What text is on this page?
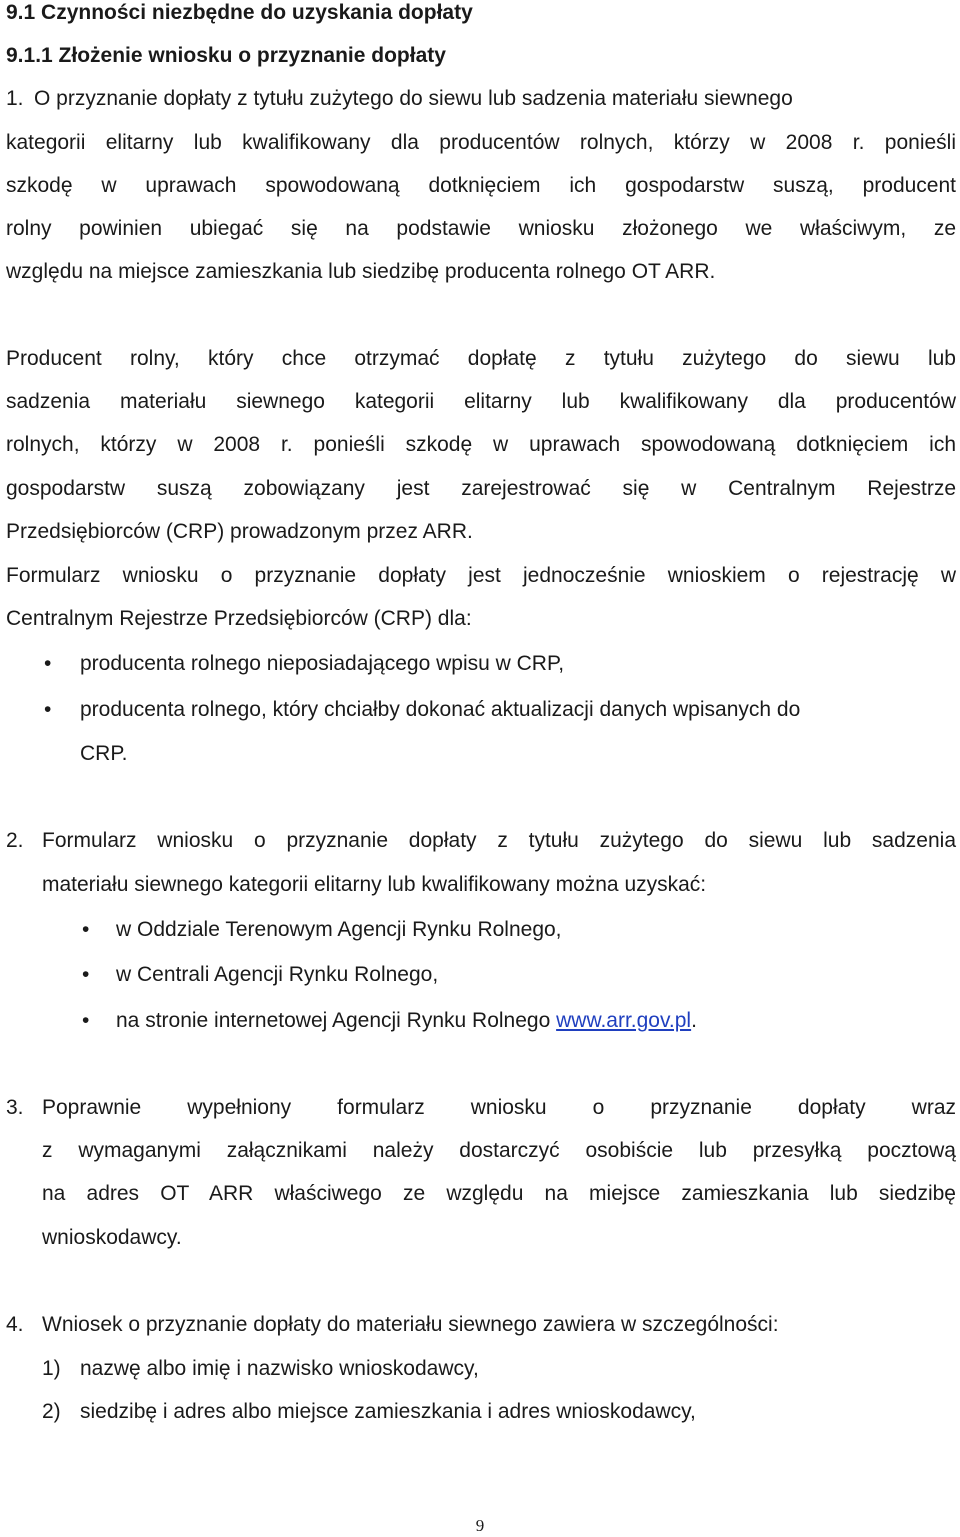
9.1 Czynności niezbędne do uzyskania dopłaty
9.1.1 Złożenie wniosku o przyznanie dopłaty
1. O przyznanie dopłaty z tytułu zużytego do siewu lub sadzenia materiału siewnego
kategorii elitarny lub kwalifikowany dla producentów rolnych, którzy w 2008 r. ponieśli
szkodę w uprawach spowodowaną dotknięciem ich gospodarstw suszą, producent
rolny powinien ubiegać się na podstawie wniosku złożonego we właściwym, ze
względu na miejsce zamieszkania lub siedzibę producenta rolnego OT ARR.
Producent rolny, który chce otrzymać dopłatę z tytułu zużytego do siewu lub
sadzenia materiału siewnego kategorii elitarny lub kwalifikowany dla producentów
rolnych, którzy w 2008 r. ponieśli szkodę w uprawach spowodowaną dotknięciem ich
gospodarstw suszą zobowiązany jest zarejestrować się w Centralnym Rejestrze
Przedsiębiorców (CRP) prowadzonym przez ARR.
Formularz wniosku o przyznanie dopłaty jest jednocześnie wnioskiem o rejestrację w
Centralnym Rejestrze Przedsiębiorców (CRP) dla:
• producenta rolnego nieposiadającego wpisu w CRP,
• producenta rolnego, który chciałby dokonać aktualizacji danych wpisanych do
CRP.
2. Formularz wniosku o przyznanie dopłaty z tytułu zużytego do siewu lub sadzenia
materiału siewnego kategorii elitarny lub kwalifikowany można uzyskać:
• w Oddziale Terenowym Agencji Rynku Rolnego,
• w Centrali Agencji Rynku Rolnego,
• na stronie internetowej Agencji Rynku Rolnego www.arr.gov.pl.
3. Poprawnie wypełniony formularz wniosku o przyznanie dopłaty wraz
z wymaganymi załącznikami należy dostarczyć osobiście lub przesyłką pocztową
na adres OT ARR właściwego ze względu na miejsce zamieszkania lub siedzibę
wnioskodawcy.
4. Wniosek o przyznanie dopłaty do materiału siewnego zawiera w szczególności:
1) nazwę albo imię i nazwisko wnioskodawcy,
2) siedzibę i adres albo miejsce zamieszkania i adres wnioskodawcy,
9
